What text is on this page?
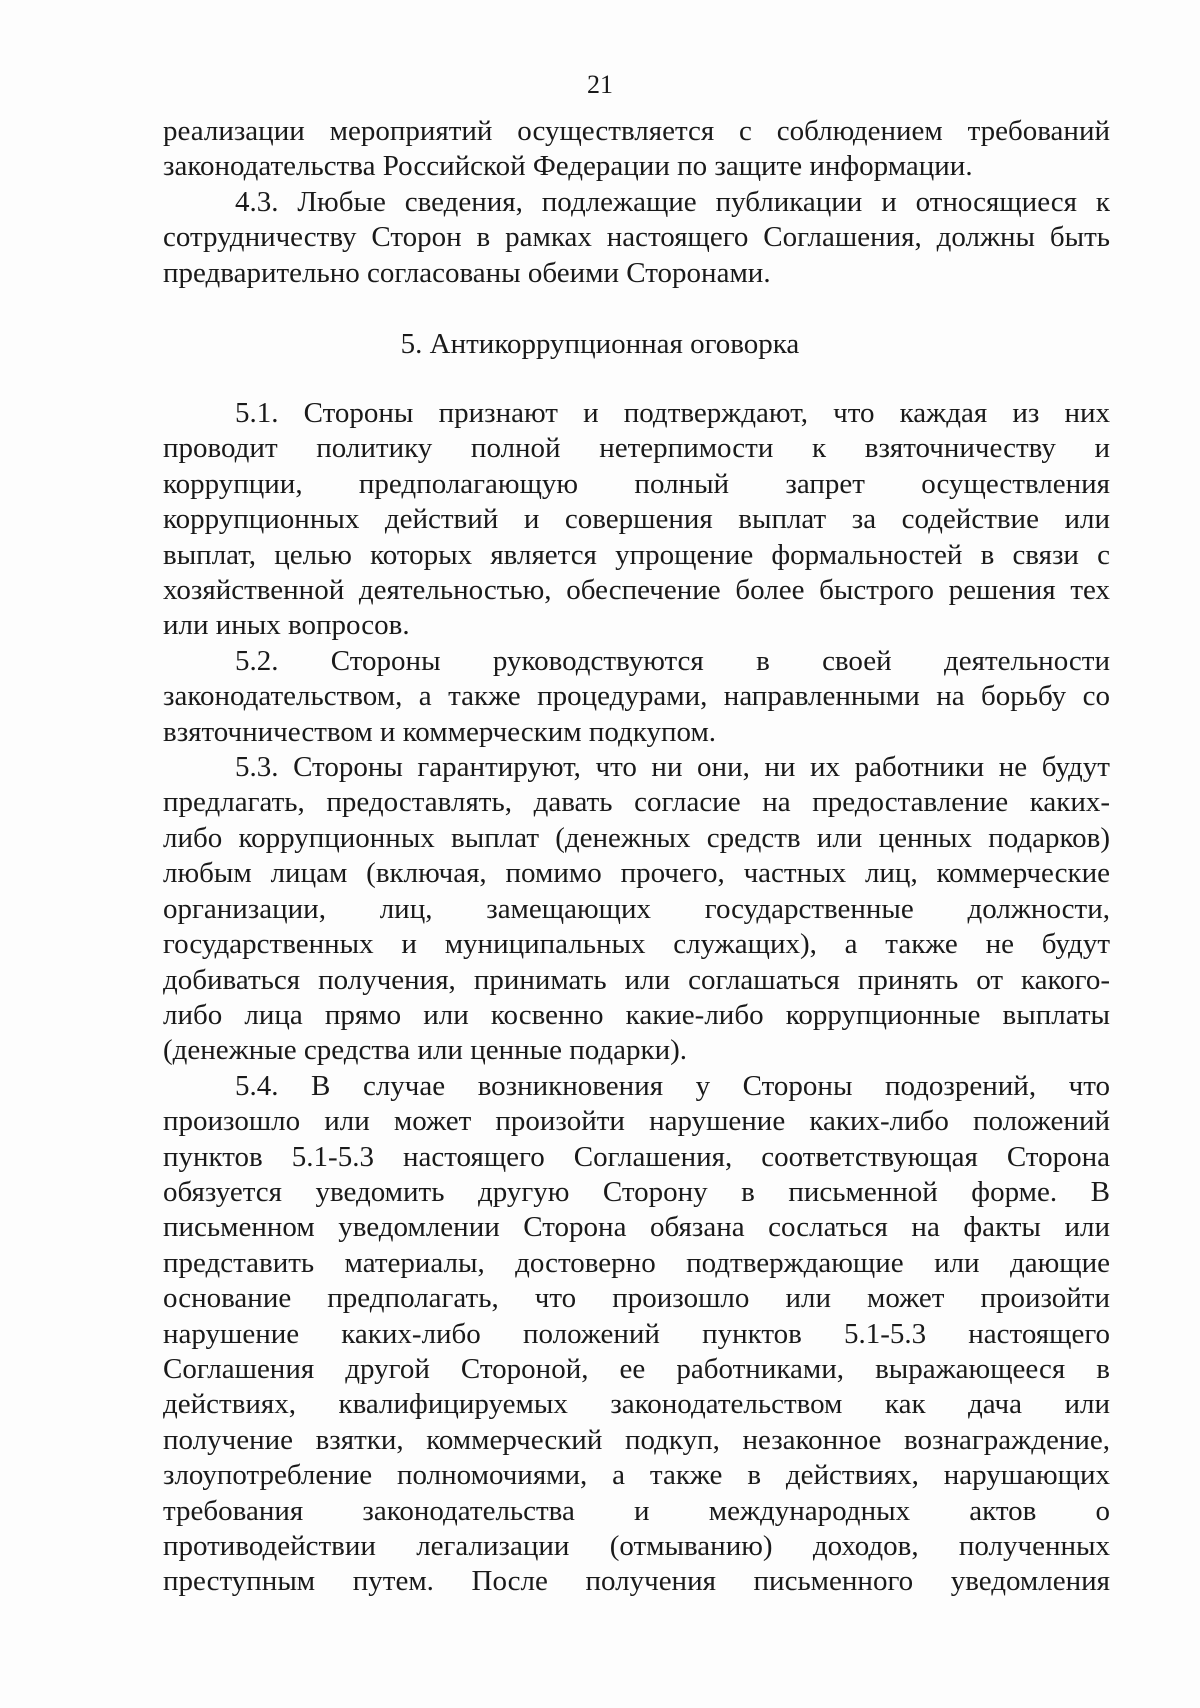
21
реализации мероприятий осуществляется с соблюдением требований
законодательства Российской Федерации по защите информации.
4.3. Любые сведения, подлежащие публикации и относящиеся к
сотрудничеству Сторон в рамках настоящего Соглашения, должны быть
предварительно согласованы обеими Сторонами.
5. Антикоррупционная оговорка
5.1. Стороны признают и подтверждают, что каждая из них
проводит политику полной нетерпимости к взяточничеству и
коррупции, предполагающую полный запрет осуществления
коррупционных действий и совершения выплат за содействие или
выплат, целью которых является упрощение формальностей в связи с
хозяйственной деятельностью, обеспечение более быстрого решения тех
или иных вопросов.
5.2. Стороны руководствуются в своей деятельности
законодательством, а также процедурами, направленными на борьбу со
взяточничеством и коммерческим подкупом.
5.3. Стороны гарантируют, что ни они, ни их работники не будут
предлагать, предоставлять, давать согласие на предоставление каких-
либо коррупционных выплат (денежных средств или ценных подарков)
любым лицам (включая, помимо прочего, частных лиц, коммерческие
организации, лиц, замещающих государственные должности,
государственных и муниципальных служащих), а также не будут
добиваться получения, принимать или соглашаться принять от какого-
либо лица прямо или косвенно какие-либо коррупционные выплаты
(денежные средства или ценные подарки).
5.4. В случае возникновения у Стороны подозрений, что
произошло или может произойти нарушение каких-либо положений
пунктов 5.1-5.3 настоящего Соглашения, соответствующая Сторона
обязуется уведомить другую Сторону в письменной форме. В
письменном уведомлении Сторона обязана сослаться на факты или
представить материалы, достоверно подтверждающие или дающие
основание предполагать, что произошло или может произойти
нарушение каких-либо положений пунктов 5.1-5.3 настоящего
Соглашения другой Стороной, ее работниками, выражающееся в
действиях, квалифицируемых законодательством как дача или
получение взятки, коммерческий подкуп, незаконное вознаграждение,
злоупотребление полномочиями, а также в действиях, нарушающих
требования законодательства и международных актов о
противодействии легализации (отмыванию) доходов, полученных
преступным путем. После получения письменного уведомления
